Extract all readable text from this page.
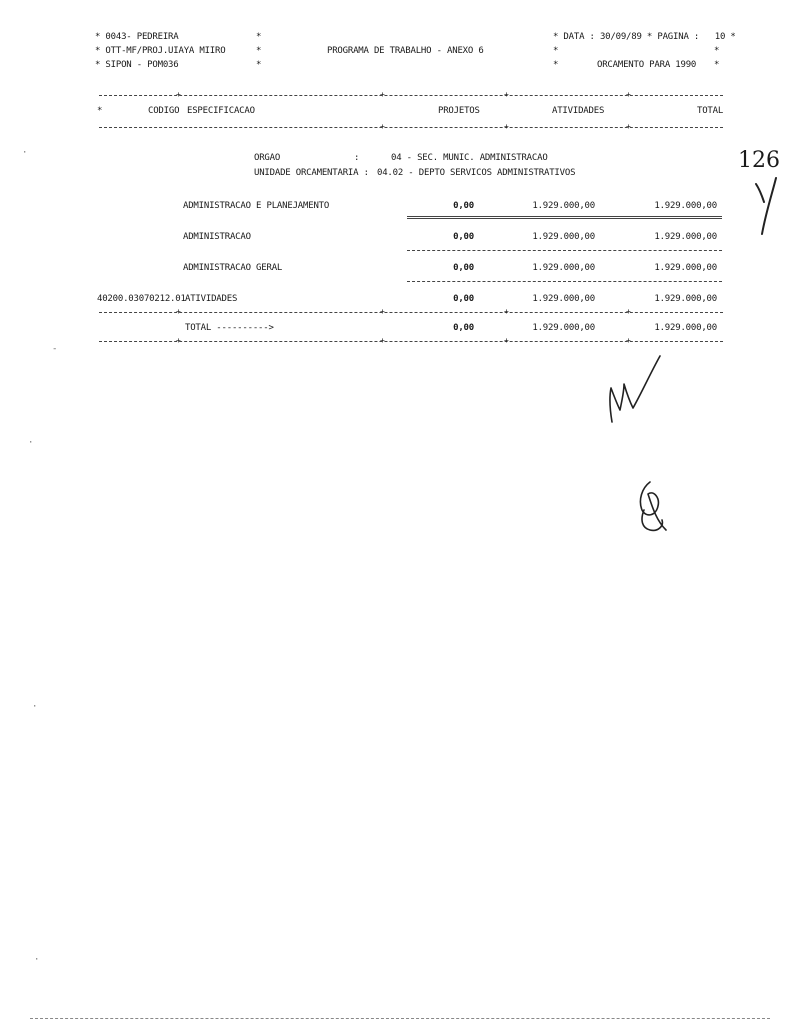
* 0043- PEDREIRA
* OTT-MF/PROJ.UIAYA MIIRO
* SIPON - POM036
*
*
*
PROGRAMA DE TRABALHO - ANEXO 6
* DATA : 30/09/89 * PAGINA :   10 *
*	*
*	ORCAMENTO PARA 1990 *
+	+	+	+
*	CODIGO ESPECIFICACAO	PROJETOS	ATIVIDADES	TOTAL
+	+	+
ORGAO	:	04 - SEC. MUNIC. ADMINISTRACAO
UNIDADE ORCAMENTARIA : 04.02 - DEPTO SERVICOS ADMINISTRATIVOS
ADMINISTRACAO E PLANEJAMENTO	0,00	1.929.000,00	1.929.000,00
ADMINISTRACAO	0,00	1.929.000,00	1.929.000,00
ADMINISTRACAO GERAL	0,00	1.929.000,00	1.929.000,00
40200.03070212.01 ATIVIDADES	0,00	1.929.000,00	1.929.000,00
+	+	+	+
TOTAL ---------->	0,00	1.929.000,00	1.929.000,00
+	+	+	+
126
·
-
·
·
·
